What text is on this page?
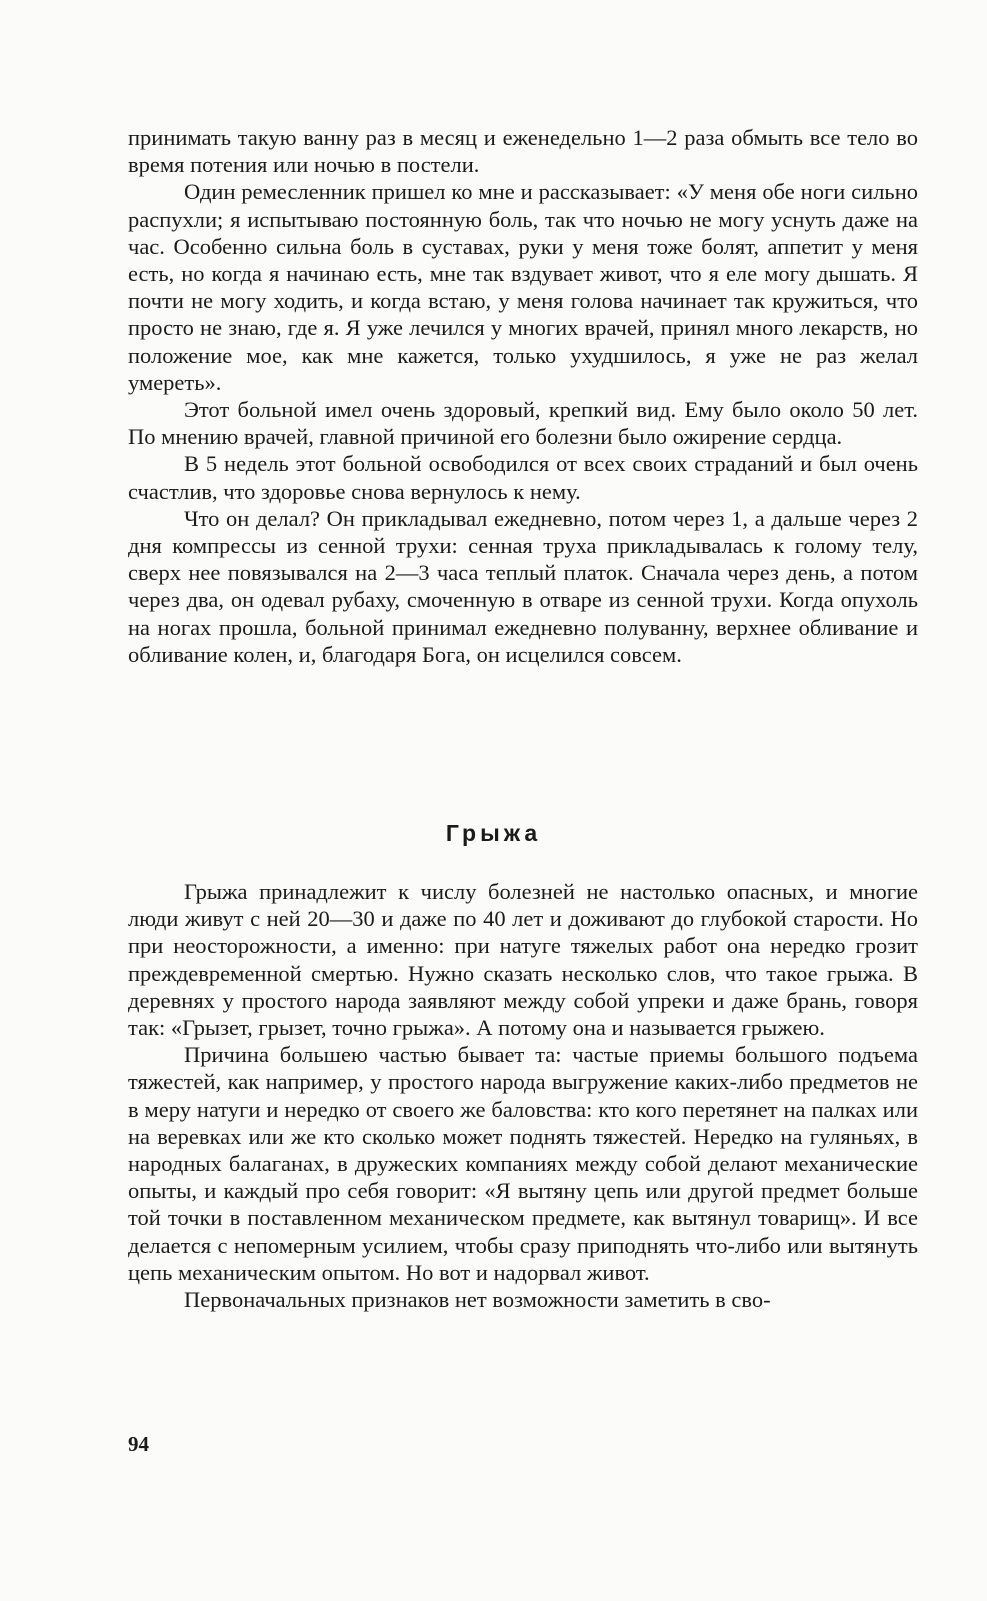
принимать такую ванну раз в месяц и еженедельно 1—2 раза обмыть все тело во время потения или ночью в постели.

Один ремесленник пришел ко мне и рассказывает: «У меня обе ноги сильно распухли; я испытываю постоянную боль, так что ночью не могу уснуть даже на час. Особенно сильна боль в суставах, руки у меня тоже болят, аппетит у меня есть, но когда я начинаю есть, мне так вздувает живот, что я еле могу дышать. Я почти не могу ходить, и когда встаю, у меня голова начинает так кружиться, что просто не знаю, где я. Я уже лечился у многих врачей, принял много лекарств, но положение мое, как мне кажется, только ухудшилось, я уже не раз желал умереть».

Этот больной имел очень здоровый, крепкий вид. Ему было около 50 лет. По мнению врачей, главной причиной его болезни было ожирение сердца.

В 5 недель этот больной освободился от всех своих страданий и был очень счастлив, что здоровье снова вернулось к нему.

Что он делал? Он прикладывал ежедневно, потом через 1, а дальше через 2 дня компрессы из сенной трухи: сенная труха прикладывалась к голому телу, сверх нее повязывался на 2—3 часа теплый платок. Сначала через день, а потом через два, он одевал рубаху, смоченную в отваре из сенной трухи. Когда опухоль на ногах прошла, больной принимал ежедневно полуванну, верхнее обливание и обливание колен, и, благодаря Бога, он исцелился совсем.

Грыжа

Грыжа принадлежит к числу болезней не настолько опасных, и многие люди живут с ней 20—30 и даже по 40 лет и доживают до глубокой старости. Но при неосторожности, а именно: при натуге тяжелых работ она нередко грозит преждевременной смертью. Нужно сказать несколько слов, что такое грыжа. В деревнях у простого народа заявляют между собой упреки и даже брань, говоря так: «Грызет, грызет, точно грыжа». А потому она и называется грыжею.

Причина большею частью бывает та: частые приемы большого подъема тяжестей, как например, у простого народа выгружение каких-либо предметов не в меру натуги и нередко от своего же баловства: кто кого перетянет на палках или на веревках или же кто сколько может поднять тяжестей. Нередко на гуляньях, в народных балаганах, в дружеских компаниях между собой делают механические опыты, и каждый про себя говорит: «Я вытяну цепь или другой предмет больше той точки в поставленном механическом предмете, как вытянул товарищ». И все делается с непомерным усилием, чтобы сразу приподнять что-либо или вытянуть цепь механическим опытом. Но вот и надорвал живот.

Первоначальных признаков нет возможности заметить в сво-

94
